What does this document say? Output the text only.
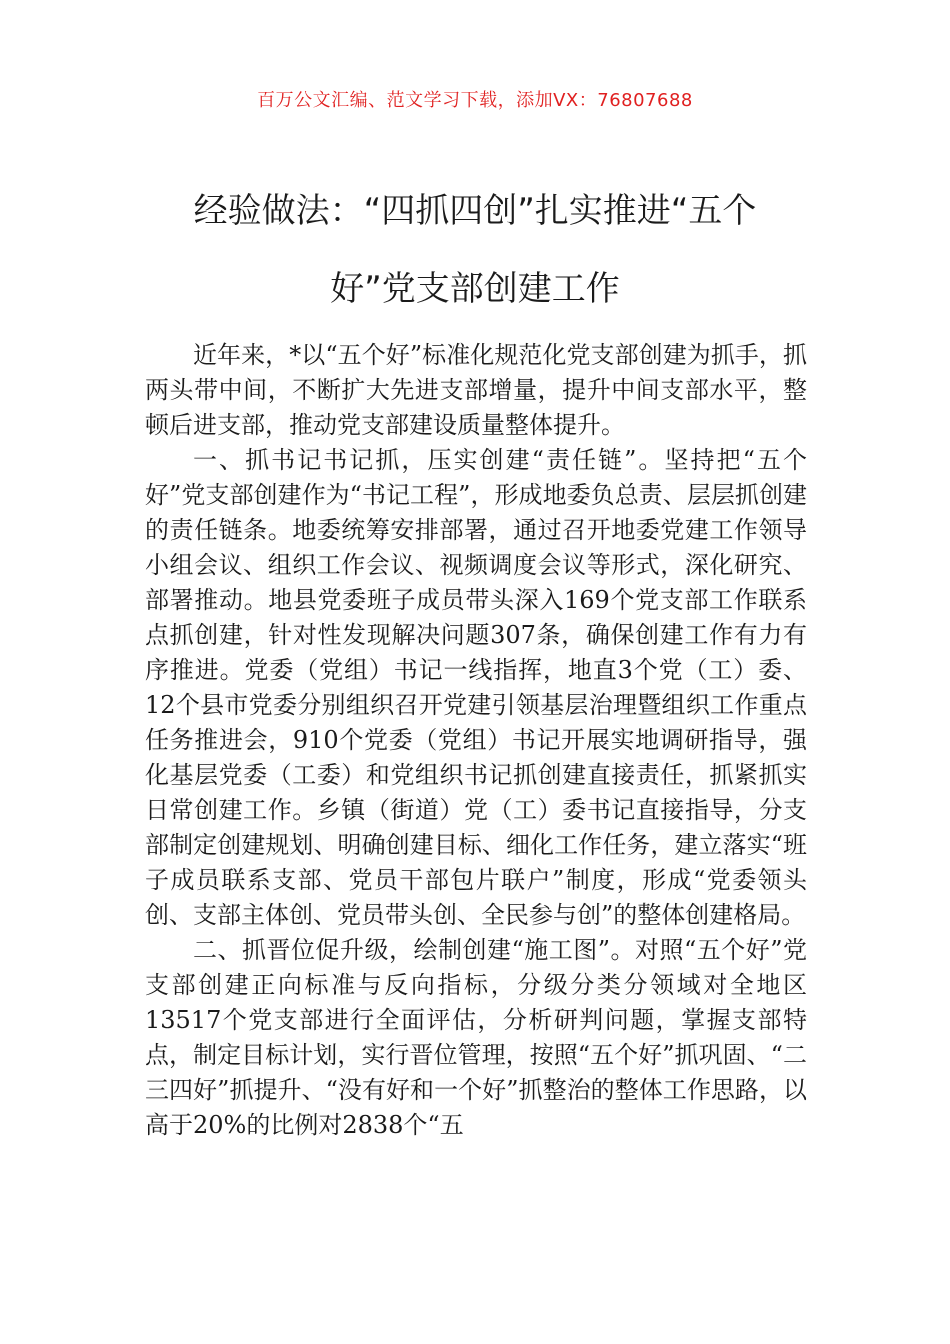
百万公文汇编、范文学习下载，添加VX：76807688
经验做法：“四抓四创”扎实推进“五个
好”党支部创建工作

近年来，*以“五个好”标准化规范化党支部创建为抓手，抓两头带中间，不断扩大先进支部增量，提升中间支部水平，整顿后进支部，推动党支部建设质量整体提升。

一、抓书记书记抓，压实创建“责任链”。坚持把“五个好”党支部创建作为“书记工程”，形成地委负总责、层层抓创建的责任链条。地委统筹安排部署，通过召开地委党建工作领导小组会议、组织工作会议、视频调度会议等形式，深化研究、部署推动。地县党委班子成员带头深入169个党支部工作联系点抓创建，针对性发现解决问题307条，确保创建工作有力有序推进。党委（党组）书记一线指挥，地直3个党（工）委、12个县市党委分别组织召开党建引领基层治理暨组织工作重点任务推进会，910个党委（党组）书记开展实地调研指导，强化基层党委（工委）和党组织书记抓创建直接责任，抓紧抓实日常创建工作。乡镇（街道）党（工）委书记直接指导，分支部制定创建规划、明确创建目标、细化工作任务，建立落实“班子成员联系支部、党员干部包片联户”制度，形成“党委领头创、支部主体创、党员带头创、全民参与创”的整体创建格局。

二、抓晋位促升级，绘制创建“施工图”。对照“五个好”党支部创建正向标准与反向指标，分级分类分领域对全地区13517个党支部进行全面评估，分析研判问题，掌握支部特点，制定目标计划，实行晋位管理，按照“五个好”抓巩固、“二三四好”抓提升、“没有好和一个好”抓整治的整体工作思路，以高于20%的比例对2838个“五
